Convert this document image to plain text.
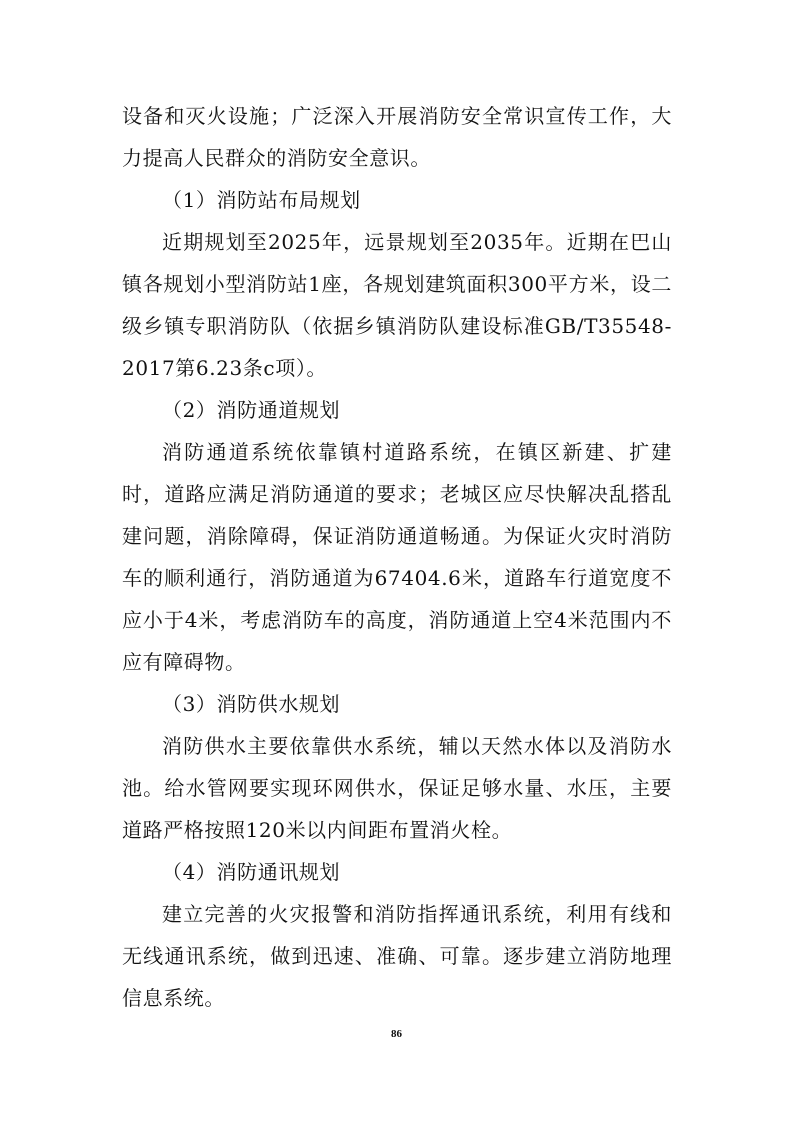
设备和灭火设施；广泛深入开展消防安全常识宣传工作，大力提高人民群众的消防安全意识。

（1）消防站布局规划

近期规划至2025年，远景规划至2035年。近期在巴山镇各规划小型消防站1座，各规划建筑面积300平方米，设二级乡镇专职消防队（依据乡镇消防队建设标准GB/T35548-2017第6.23条c项）。

（2）消防通道规划

消防通道系统依靠镇村道路系统，在镇区新建、扩建时，道路应满足消防通道的要求；老城区应尽快解决乱搭乱建问题，消除障碍，保证消防通道畅通。为保证火灾时消防车的顺利通行，消防通道为67404.6米，道路车行道宽度不应小于4米，考虑消防车的高度，消防通道上空4米范围内不应有障碍物。

（3）消防供水规划

消防供水主要依靠供水系统，辅以天然水体以及消防水池。给水管网要实现环网供水，保证足够水量、水压，主要道路严格按照120米以内间距布置消火栓。

（4）消防通讯规划

建立完善的火灾报警和消防指挥通讯系统，利用有线和无线通讯系统，做到迅速、准确、可靠。逐步建立消防地理信息系统。

86
